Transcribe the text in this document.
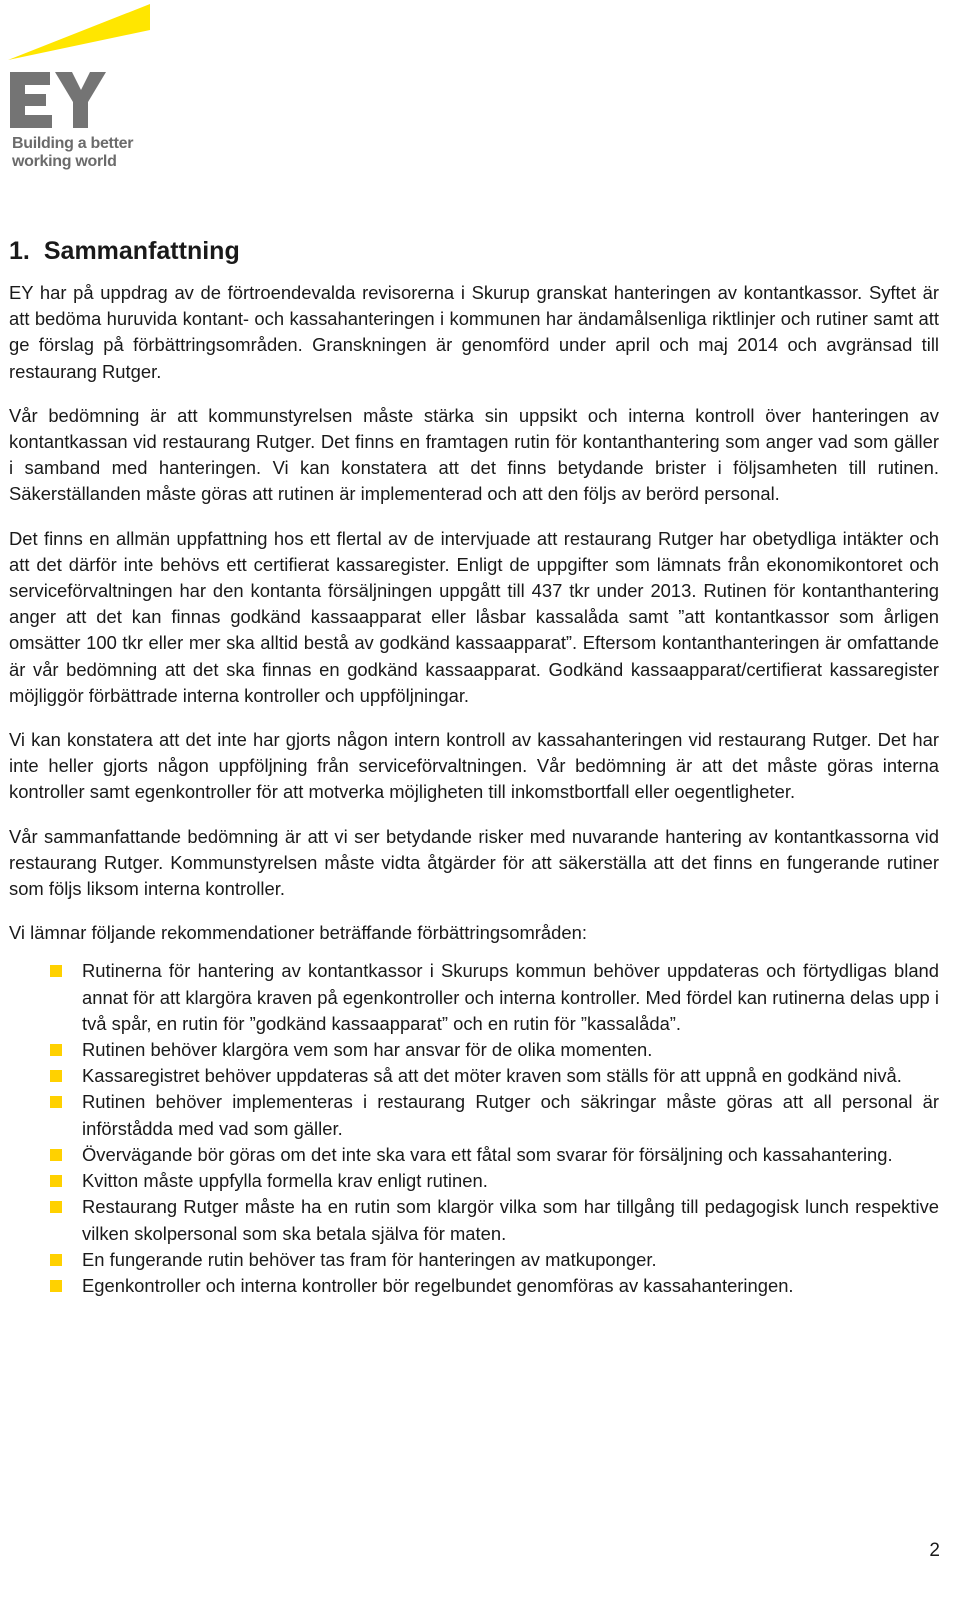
Building a better
working world
1. Sammanfattning

EY har på uppdrag av de förtroendevalda revisorerna i Skurup granskat hanteringen av kontantkassor. Syftet är att bedöma huruvida kontant- och kassahanteringen i kommunen har ändamålsenliga riktlinjer och rutiner samt att ge förslag på förbättringsområden. Granskningen är genomförd under april och maj 2014 och avgränsad till restaurang Rutger.

Vår bedömning är att kommunstyrelsen måste stärka sin uppsikt och interna kontroll över hanteringen av kontantkassan vid restaurang Rutger. Det finns en framtagen rutin för kontanthantering som anger vad som gäller i samband med hanteringen. Vi kan konstatera att det finns betydande brister i följsamheten till rutinen. Säkerställanden måste göras att rutinen är implementerad och att den följs av berörd personal.

Det finns en allmän uppfattning hos ett flertal av de intervjuade att restaurang Rutger har obetydliga intäkter och att det därför inte behövs ett certifierat kassaregister. Enligt de uppgifter som lämnats från ekonomikontoret och serviceförvaltningen har den kontanta försäljningen uppgått till 437 tkr under 2013. Rutinen för kontanthantering anger att det kan finnas godkänd kassaapparat eller låsbar kassalåda samt ”att kontantkassor som årligen omsätter 100 tkr eller mer ska alltid bestå av godkänd kassaapparat”. Eftersom kontanthanteringen är omfattande är vår bedömning att det ska finnas en godkänd kassaapparat. Godkänd kassaapparat/certifierat kassaregister möjliggör förbättrade interna kontroller och uppföljningar.

Vi kan konstatera att det inte har gjorts någon intern kontroll av kassahanteringen vid restaurang Rutger. Det har inte heller gjorts någon uppföljning från serviceförvaltningen. Vår bedömning är att det måste göras interna kontroller samt egenkontroller för att motverka möjligheten till inkomstbortfall eller oegentligheter.

Vår sammanfattande bedömning är att vi ser betydande risker med nuvarande hantering av kontantkassorna vid restaurang Rutger. Kommunstyrelsen måste vidta åtgärder för att säkerställa att det finns en fungerande rutiner som följs liksom interna kontroller.

Vi lämnar följande rekommendationer beträffande förbättringsområden:

Rutinerna för hantering av kontantkassor i Skurups kommun behöver uppdateras och förtydligas bland annat för att klargöra kraven på egenkontroller och interna kontroller. Med fördel kan rutinerna delas upp i två spår, en rutin för ”godkänd kassaapparat” och en rutin för ”kassalåda”.
Rutinen behöver klargöra vem som har ansvar för de olika momenten.
Kassaregistret behöver uppdateras så att det möter kraven som ställs för att uppnå en godkänd nivå.
Rutinen behöver implementeras i restaurang Rutger och säkringar måste göras att all personal är införstådda med vad som gäller.
Övervägande bör göras om det inte ska vara ett fåtal som svarar för försäljning och kassahantering.
Kvitton måste uppfylla formella krav enligt rutinen.
Restaurang Rutger måste ha en rutin som klargör vilka som har tillgång till pedagogisk lunch respektive vilken skolpersonal som ska betala själva för maten.
En fungerande rutin behöver tas fram för hanteringen av matkuponger.
Egenkontroller och interna kontroller bör regelbundet genomföras av kassahanteringen.
2
